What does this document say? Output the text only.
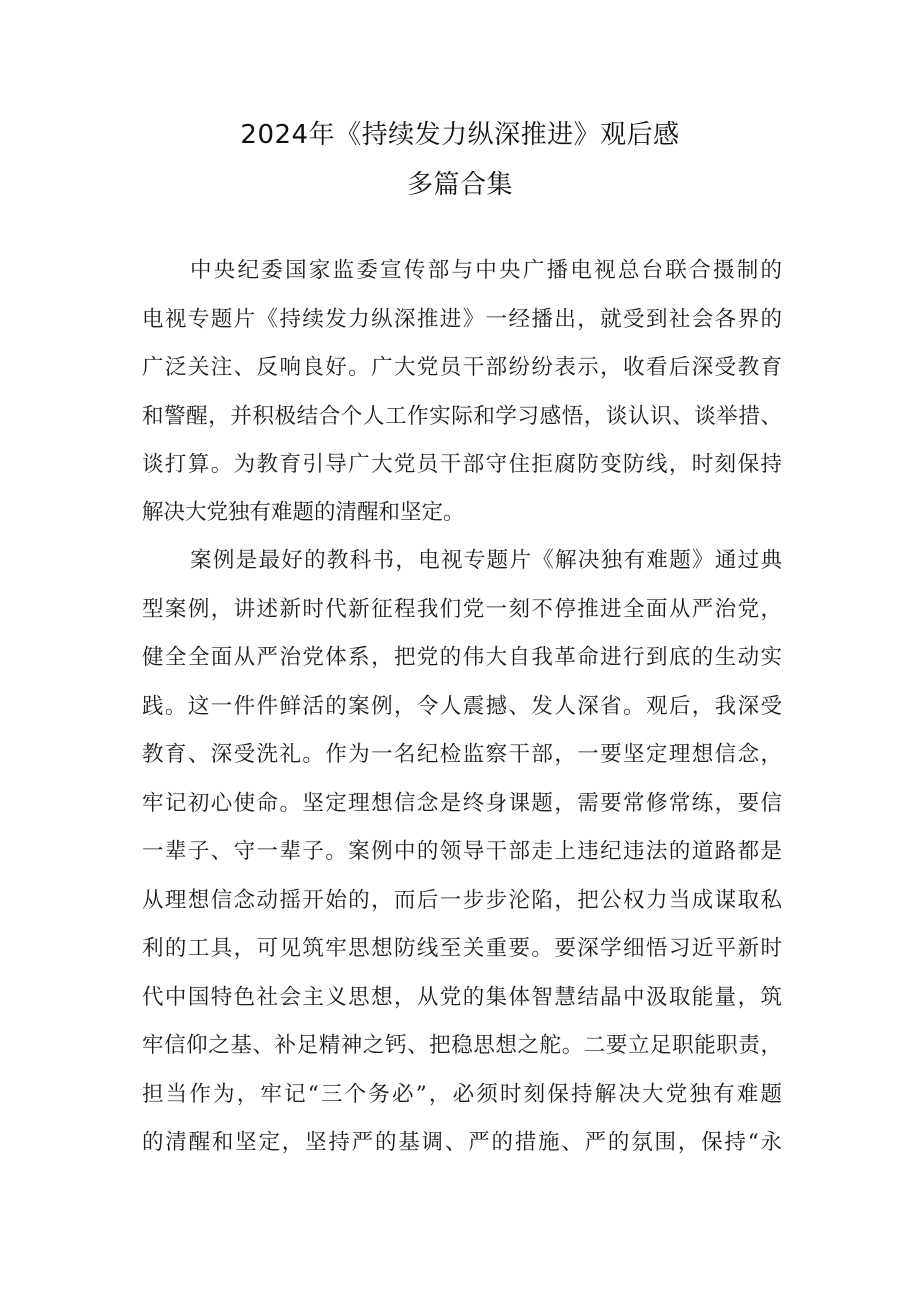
2024年《持续发力纵深推进》观后感
多篇合集
中央纪委国家监委宣传部与中央广播电视总台联合摄制的
电视专题片《持续发力纵深推进》一经播出，就受到社会各界的
广泛关注、反响良好。广大党员干部纷纷表示，收看后深受教育
和警醒，并积极结合个人工作实际和学习感悟，谈认识、谈举措、
谈打算。为教育引导广大党员干部守住拒腐防变防线，时刻保持
解决大党独有难题的清醒和坚定。
案例是最好的教科书，电视专题片《解决独有难题》通过典
型案例，讲述新时代新征程我们党一刻不停推进全面从严治党，
健全全面从严治党体系，把党的伟大自我革命进行到底的生动实
践。这一件件鲜活的案例，令人震撼、发人深省。观后，我深受
教育、深受洗礼。作为一名纪检监察干部，一要坚定理想信念，
牢记初心使命。坚定理想信念是终身课题，需要常修常练，要信
一辈子、守一辈子。案例中的领导干部走上违纪违法的道路都是
从理想信念动摇开始的，而后一步步沦陷，把公权力当成谋取私
利的工具，可见筑牢思想防线至关重要。要深学细悟习近平新时
代中国特色社会主义思想，从党的集体智慧结晶中汲取能量，筑
牢信仰之基、补足精神之钙、把稳思想之舵。二要立足职能职责，
担当作为，牢记“三个务必”，必须时刻保持解决大党独有难题
的清醒和坚定，坚持严的基调、严的措施、严的氛围，保持“永
